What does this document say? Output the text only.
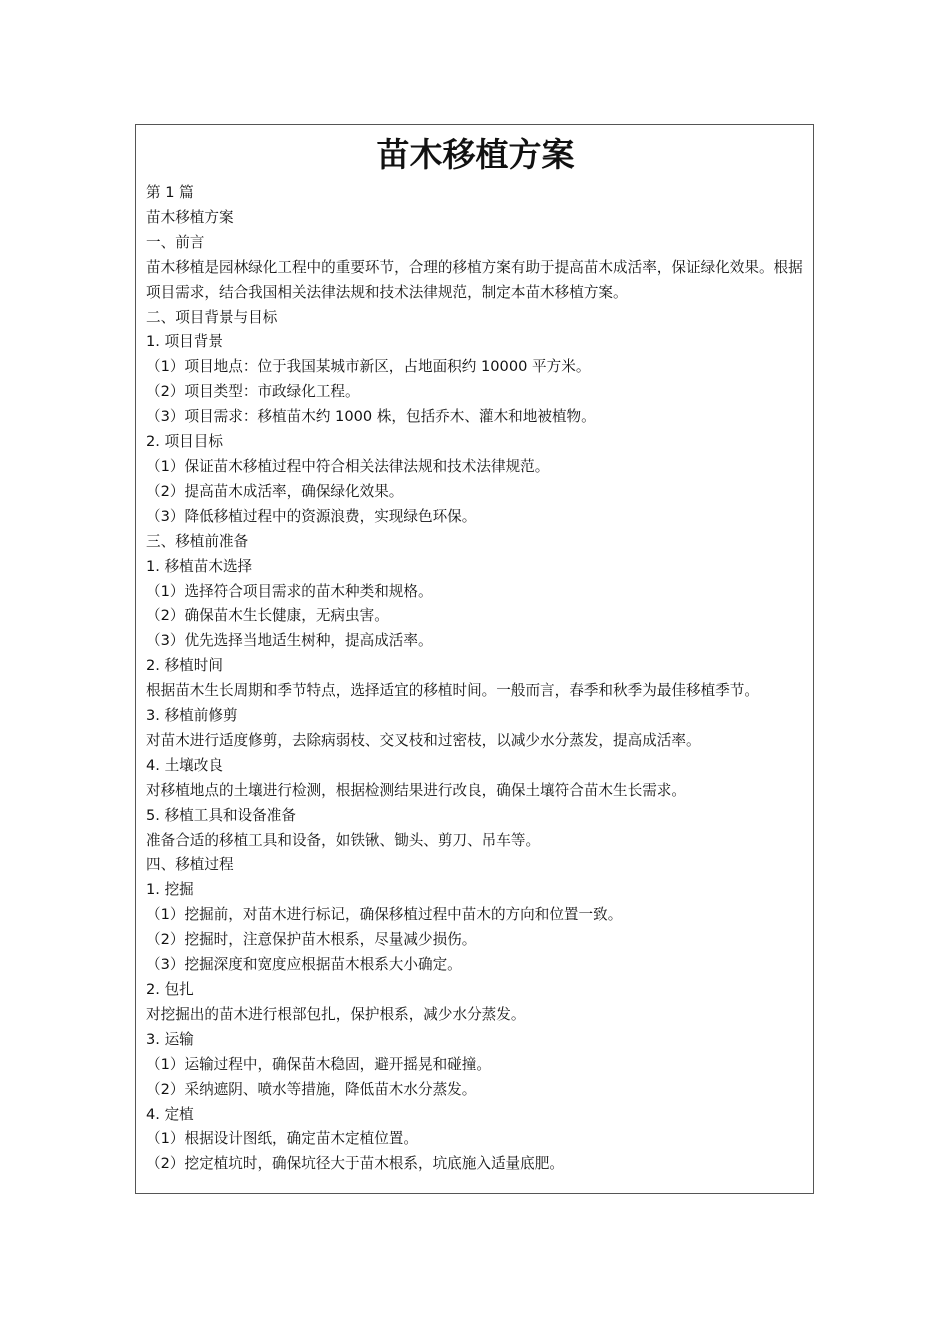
苗木移植方案
第 1 篇
苗木移植方案
一、前言
苗木移植是园林绿化工程中的重要环节，合理的移植方案有助于提高苗木成活率，保证绿化效果。根据项目需求，结合我国相关法律法规和技术法律规范，制定本苗木移植方案。
二、项目背景与目标
1. 项目背景
（1）项目地点：位于我国某城市新区，占地面积约 10000 平方米。
（2）项目类型：市政绿化工程。
（3）项目需求：移植苗木约 1000 株，包括乔木、灌木和地被植物。
2. 项目目标
（1）保证苗木移植过程中符合相关法律法规和技术法律规范。
（2）提高苗木成活率，确保绿化效果。
（3）降低移植过程中的资源浪费，实现绿色环保。
三、移植前准备
1. 移植苗木选择
（1）选择符合项目需求的苗木种类和规格。
（2）确保苗木生长健康，无病虫害。
（3）优先选择当地适生树种，提高成活率。
2. 移植时间
根据苗木生长周期和季节特点，选择适宜的移植时间。一般而言，春季和秋季为最佳移植季节。
3. 移植前修剪
对苗木进行适度修剪，去除病弱枝、交叉枝和过密枝，以减少水分蒸发，提高成活率。
4. 土壤改良
对移植地点的土壤进行检测，根据检测结果进行改良，确保土壤符合苗木生长需求。
5. 移植工具和设备准备
准备合适的移植工具和设备，如铁锹、锄头、剪刀、吊车等。
四、移植过程
1. 挖掘
（1）挖掘前，对苗木进行标记，确保移植过程中苗木的方向和位置一致。
（2）挖掘时，注意保护苗木根系，尽量减少损伤。
（3）挖掘深度和宽度应根据苗木根系大小确定。
2. 包扎
对挖掘出的苗木进行根部包扎，保护根系，减少水分蒸发。
3. 运输
（1）运输过程中，确保苗木稳固，避开摇晃和碰撞。
（2）采纳遮阴、喷水等措施，降低苗木水分蒸发。
4. 定植
（1）根据设计图纸，确定苗木定植位置。
（2）挖定植坑时，确保坑径大于苗木根系，坑底施入适量底肥。
